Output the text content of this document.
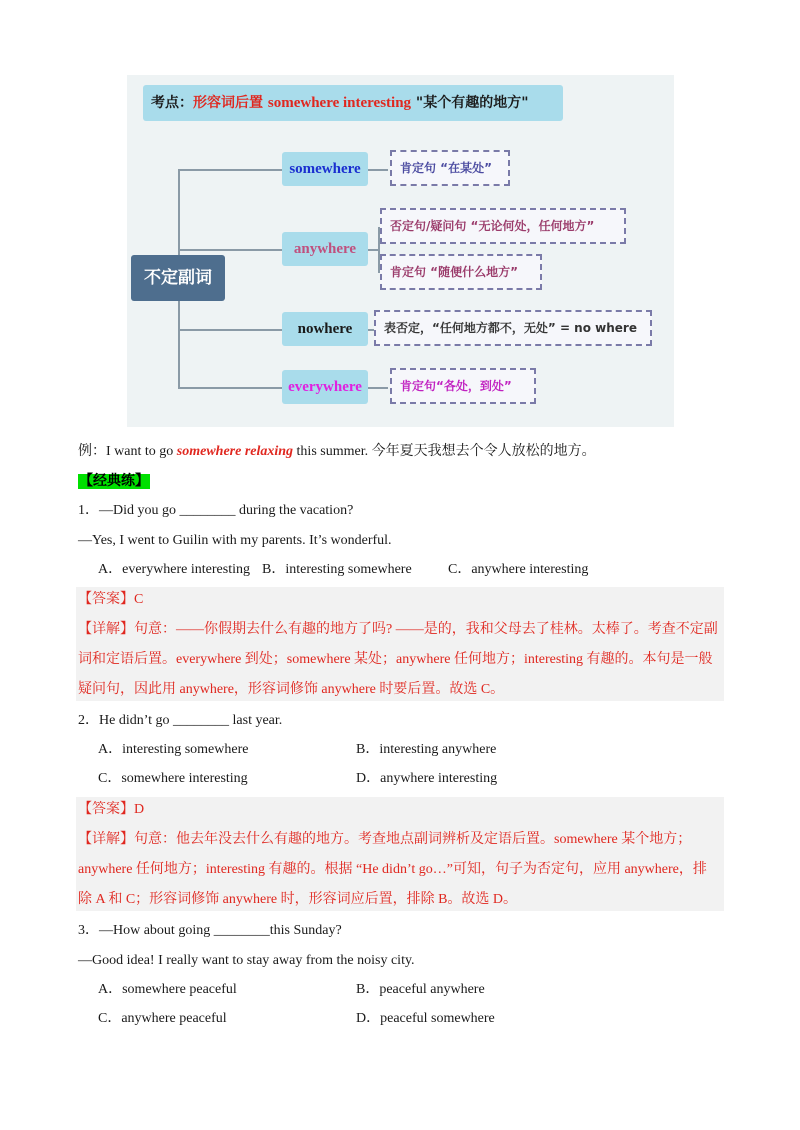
考点：形容词后置 somewhere interesting "某个有趣的地方"
不定副词
somewhere
anywhere
nowhere
everywhere
肯定句 “在某处”
否定句/疑问句 “无论何处，任何地方”
肯定句 “随便什么地方”
表否定，“任何地方都不，无处” = no where
肯定句“各处，到处”
例：I want to go somewhere relaxing this summer. 今年夏天我想去个令人放松的地方。
【经典练】
1．—Did you go ________ during the vacation?
—Yes, I went to Guilin with my parents. It’s wonderful.
A．everywhere interesting B．interesting somewhere	C．anywhere interesting
【答案】C
【详解】句意：——你假期去什么有趣的地方了吗? ——是的，我和父母去了桂林。太棒了。考查不定副词和定语后置。everywhere 到处；somewhere 某处；anywhere 任何地方；interesting 有趣的。本句是一般疑问句，因此用 anywhere，形容词修饰 anywhere 时要后置。故选 C。
2．He didn’t go ________ last year.
A．interesting somewhere	B．interesting anywhere
C．somewhere interesting	D．anywhere interesting
【答案】D
【详解】句意：他去年没去什么有趣的地方。考查地点副词辨析及定语后置。somewhere 某个地方；anywhere 任何地方；interesting 有趣的。根据 “He didn’t go…”可知，句子为否定句，应用 anywhere，排除 A 和 C；形容词修饰 anywhere 时，形容词应后置，排除 B。故选 D。
3．—How about going ________this Sunday?
—Good idea! I really want to stay away from the noisy city.
A．somewhere peaceful	B．peaceful anywhere
C．anywhere peaceful	D．peaceful somewhere
